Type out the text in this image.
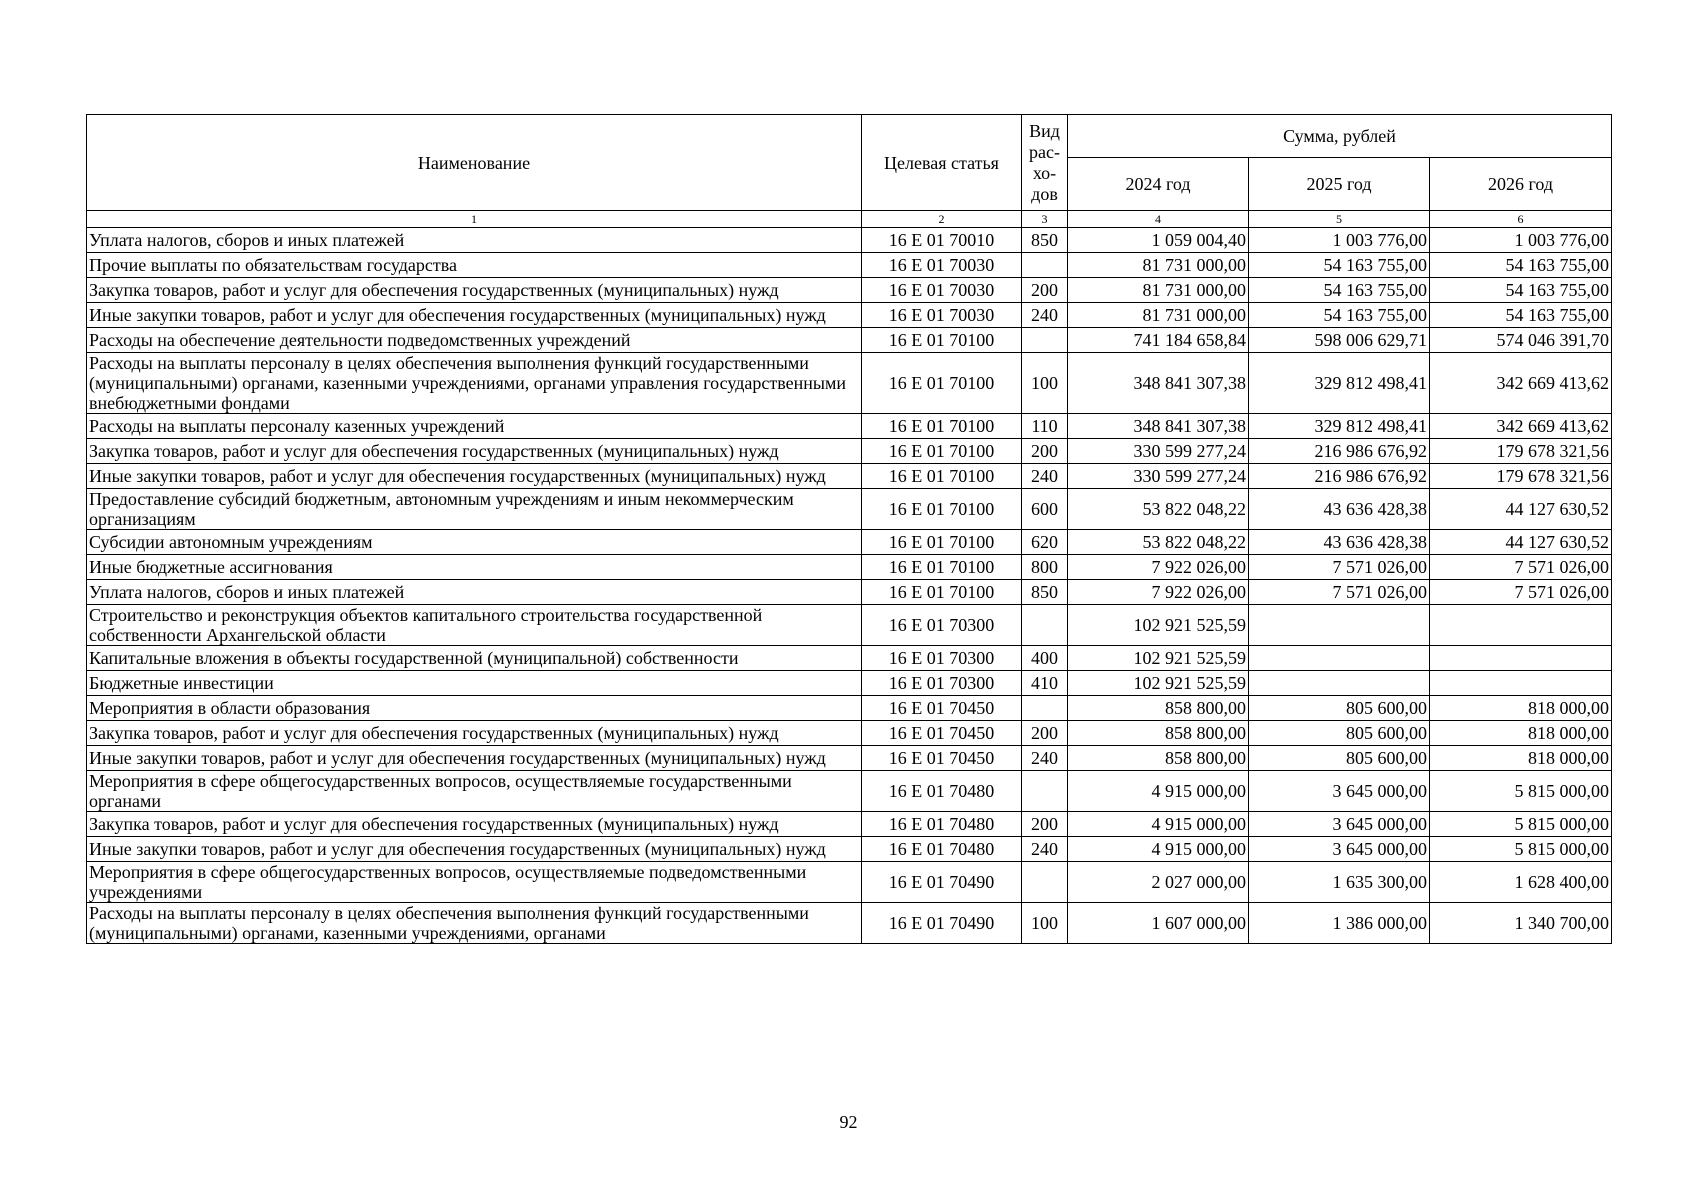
Наименование	Целевая статья	Вид рас-хо-дов	Сумма, рублей		
			2024 год	2025 год	2026 год
1	2	3	4	5	6
Уплата налогов, сборов и иных платежей	16 Е 01 70010	850	1 059 004,40	1 003 776,00	1 003 776,00
Прочие выплаты по обязательствам государства	16 Е 01 70030		81 731 000,00	54 163 755,00	54 163 755,00
Закупка товаров, работ и услуг для обеспечения государственных (муниципальных) нужд	16 Е 01 70030	200	81 731 000,00	54 163 755,00	54 163 755,00
Иные закупки товаров, работ и услуг для обеспечения государственных (муниципальных) нужд	16 Е 01 70030	240	81 731 000,00	54 163 755,00	54 163 755,00
Расходы на обеспечение деятельности подведомственных учреждений	16 Е 01 70100		741 184 658,84	598 006 629,71	574 046 391,70
Расходы на выплаты персоналу в целях обеспечения выполнения функций государственными (муниципальными) органами, казенными учреждениями, органами управления государственными внебюджетными фондами	16 Е 01 70100	100	348 841 307,38	329 812 498,41	342 669 413,62
Расходы на выплаты персоналу казенных учреждений	16 Е 01 70100	110	348 841 307,38	329 812 498,41	342 669 413,62
Закупка товаров, работ и услуг для обеспечения государственных (муниципальных) нужд	16 Е 01 70100	200	330 599 277,24	216 986 676,92	179 678 321,56
Иные закупки товаров, работ и услуг для обеспечения государственных (муниципальных) нужд	16 Е 01 70100	240	330 599 277,24	216 986 676,92	179 678 321,56
Предоставление субсидий бюджетным, автономным учреждениям и иным некоммерческим организациям	16 Е 01 70100	600	53 822 048,22	43 636 428,38	44 127 630,52
Субсидии автономным учреждениям	16 Е 01 70100	620	53 822 048,22	43 636 428,38	44 127 630,52
Иные бюджетные ассигнования	16 Е 01 70100	800	7 922 026,00	7 571 026,00	7 571 026,00
Уплата налогов, сборов и иных платежей	16 Е 01 70100	850	7 922 026,00	7 571 026,00	7 571 026,00
Строительство и реконструкция объектов капитального строительства государственной собственности Архангельской области	16 Е 01 70300		102 921 525,59		
Капитальные вложения в объекты государственной (муниципальной) собственности	16 Е 01 70300	400	102 921 525,59		
Бюджетные инвестиции	16 Е 01 70300	410	102 921 525,59		
Мероприятия в области образования	16 Е 01 70450		858 800,00	805 600,00	818 000,00
Закупка товаров, работ и услуг для обеспечения государственных (муниципальных) нужд	16 Е 01 70450	200	858 800,00	805 600,00	818 000,00
Иные закупки товаров, работ и услуг для обеспечения государственных (муниципальных) нужд	16 Е 01 70450	240	858 800,00	805 600,00	818 000,00
Мероприятия в сфере общегосударственных вопросов, осуществляемые государственными органами	16 Е 01 70480		4 915 000,00	3 645 000,00	5 815 000,00
Закупка товаров, работ и услуг для обеспечения государственных (муниципальных) нужд	16 Е 01 70480	200	4 915 000,00	3 645 000,00	5 815 000,00
Иные закупки товаров, работ и услуг для обеспечения государственных (муниципальных) нужд	16 Е 01 70480	240	4 915 000,00	3 645 000,00	5 815 000,00
Мероприятия в сфере общегосударственных вопросов, осуществляемые подведомственными учреждениями	16 Е 01 70490		2 027 000,00	1 635 300,00	1 628 400,00
Расходы на выплаты персоналу в целях обеспечения выполнения функций государственными (муниципальными) органами, казенными учреждениями, органами	16 Е 01 70490	100	1 607 000,00	1 386 000,00	1 340 700,00
92
